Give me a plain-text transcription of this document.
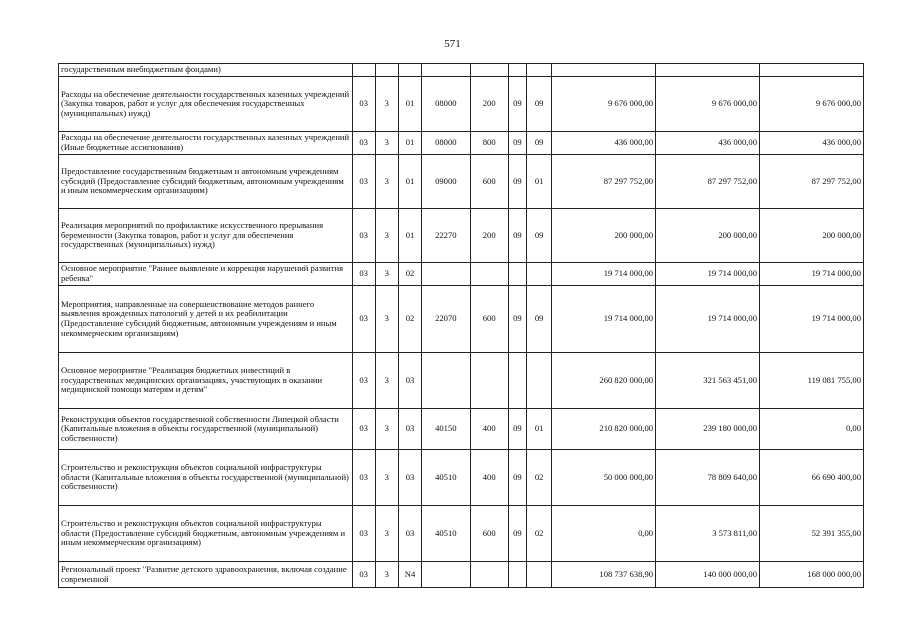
571
государственным внебюджетным фондами)										
Расходы на обеспечение деятельности государственных казенных учреждений (Закупка товаров, работ и услуг для обеспечения государственных (муниципальных) нужд)	03	3	01	08000	200	09	09	9 676 000,00	9 676 000,00	9 676 000,00
Расходы на обеспечение деятельности государственных казенных учреждений (Иные бюджетные ассигнования)	03	3	01	08000	800	09	09	436 000,00	436 000,00	436 000,00
Предоставление государственным бюджетным и автономным учреждениям субсидий (Предоставление субсидий бюджетным, автономным учреждениям и иным некоммерческим организациям)	03	3	01	09000	600	09	01	87 297 752,00	87 297 752,00	87 297 752,00
Реализация мероприятий по профилактике искусственного прерывания беременности (Закупка товаров, работ и услуг для обеспечения государственных (муниципальных) нужд)	03	3	01	22270	200	09	09	200 000,00	200 000,00	200 000,00
Основное мероприятие "Раннее выявление и коррекция нарушений развития ребенка"	03	3	02					19 714 000,00	19 714 000,00	19 714 000,00
Мероприятия, направленные на совершенствование методов раннего выявления врожденных патологий у детей и их реабилитации (Предоставление субсидий бюджетным, автономным учреждениям и иным некоммерческим организациям)	03	3	02	22070	600	09	09	19 714 000,00	19 714 000,00	19 714 000,00
Основное мероприятие "Реализация бюджетных инвестиций в государственных медицинских организациях, участвующих в оказании медицинской помощи матерям и детям"	03	3	03					260 820 000,00	321 563 451,00	119 081 755,00
Реконструкция объектов государственной собственности Липецкой области (Капитальные вложения в объекты государственной (муниципальной) собственности)	03	3	03	40150	400	09	01	210 820 000,00	239 180 000,00	0,00
Строительство и реконструкция объектов социальной инфраструктуры области (Капитальные вложения в объекты государственной (муниципальной) собственности)	03	3	03	40510	400	09	02	50 000 000,00	78 809 640,00	66 690 400,00
Строительство и реконструкция объектов социальной инфраструктуры области (Предоставление субсидий бюджетным, автономным учреждениям и иным некоммерческим организациям)	03	3	03	40510	600	09	02	0,00	3 573 811,00	52 391 355,00
Региональный проект "Развитие детского здравоохранения, включая создание современной	03	3	N4					108 737 638,90	140 000 000,00	168 000 000,00
